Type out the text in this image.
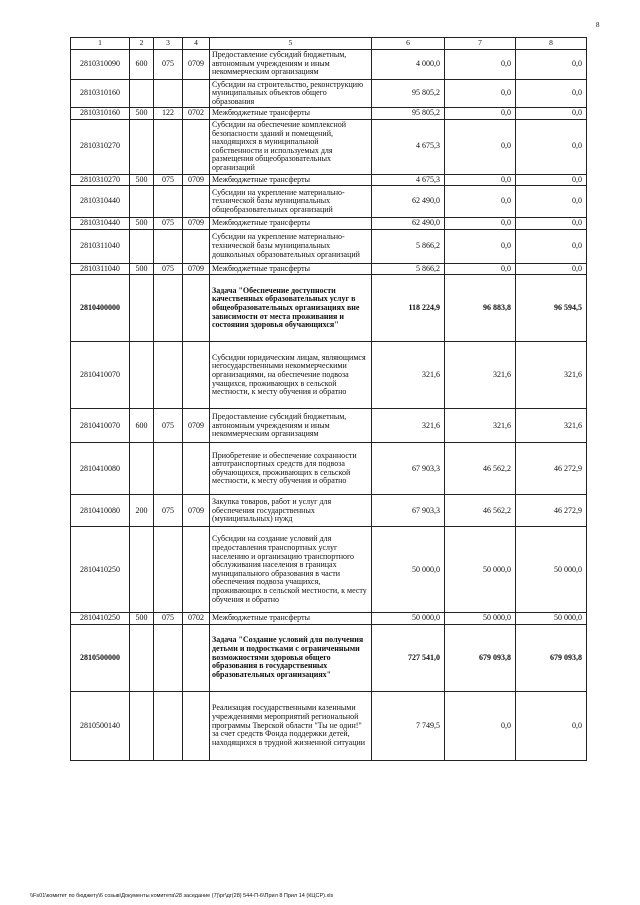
8
1	2	3	4	5	6	7	8
2810310090	600	075	0709	Предоставление субсидий бюджетным, автономным учреждениям и иным некоммерческим организациям	4 000,0	0,0	0,0
2810310160				Субсидии на строительство, реконструкцию муниципальных объектов общего образования	95 805,2	0,0	0,0
2810310160	500	122	0702	Межбюджетные трансферты	95 805,2	0,0	0,0
2810310270				Субсидии на обеспечение комплексной безопасности зданий и помещений, находящихся в муниципальной собственности и используемых для размещения общеобразовательных организаций	4 675,3	0,0	0,0
2810310270	500	075	0709	Межбюджетные трансферты	4 675,3	0,0	0,0
2810310440				Субсидии на укрепление материально-технической базы муниципальных общеобразовательных организаций	62 490,0	0,0	0,0
2810310440	500	075	0709	Межбюджетные трансферты	62 490,0	0,0	0,0
2810311040				Субсидии на укрепление материально-технической базы муниципальных дошкольных образовательных организаций	5 866,2	0,0	0,0
2810311040	500	075	0709	Межбюджетные трансферты	5 866,2	0,0	0,0
2810400000				Задача "Обеспечение доступности качественных образовательных услуг в общеобразовательных организациях вне зависимости от места проживания и состояния здоровья обучающихся"	118 224,9	96 883,8	96 594,5
2810410070				Субсидии юридическим лицам, являющимся негосударственными некоммерческими организациями, на обеспечение подвоза учащихся, проживающих в сельской местности, к месту обучения и обратно	321,6	321,6	321,6
2810410070	600	075	0709	Предоставление субсидий бюджетным, автономным учреждениям и иным некоммерческим организациям	321,6	321,6	321,6
2810410080				Приобретение и обеспечение сохранности автотранспортных средств для подвоза обучающихся, проживающих в сельской местности, к месту обучения и обратно	67 903,3	46 562,2	46 272,9
2810410080	200	075	0709	Закупка товаров, работ и услуг для обеспечения государственных (муниципальных) нужд	67 903,3	46 562,2	46 272,9
2810410250				Субсидии на создание условий для предоставления транспортных услуг населению и организацию транспортного обслуживания населения в границах муниципального образования в части обеспечения подвоза учащихся, проживающих в сельской местности, к месту обучения и обратно	50 000,0	50 000,0	50 000,0
2810410250	500	075	0702	Межбюджетные трансферты	50 000,0	50 000,0	50 000,0
2810500000				Задача "Создание условий для получения детьми и подростками с ограниченными возможностями здоровья общего образования в государственных образовательных организациях"	727 541,0	679 093,8	679 093,8
2810500140				Реализация государственными казенными учреждениями мероприятий региональной программы Тверской области "Ты не один!" за счет средств Фонда поддержки детей, находящихся в трудной жизненной ситуации	7 749,5	0,0	0,0
\\Fs01\комитет по бюджету\6 созыв\Документы комитета\28 заседание (7)\рг\дг(28) 544-П-6\Прил 8 Прил 14 (КЦСР).xls
